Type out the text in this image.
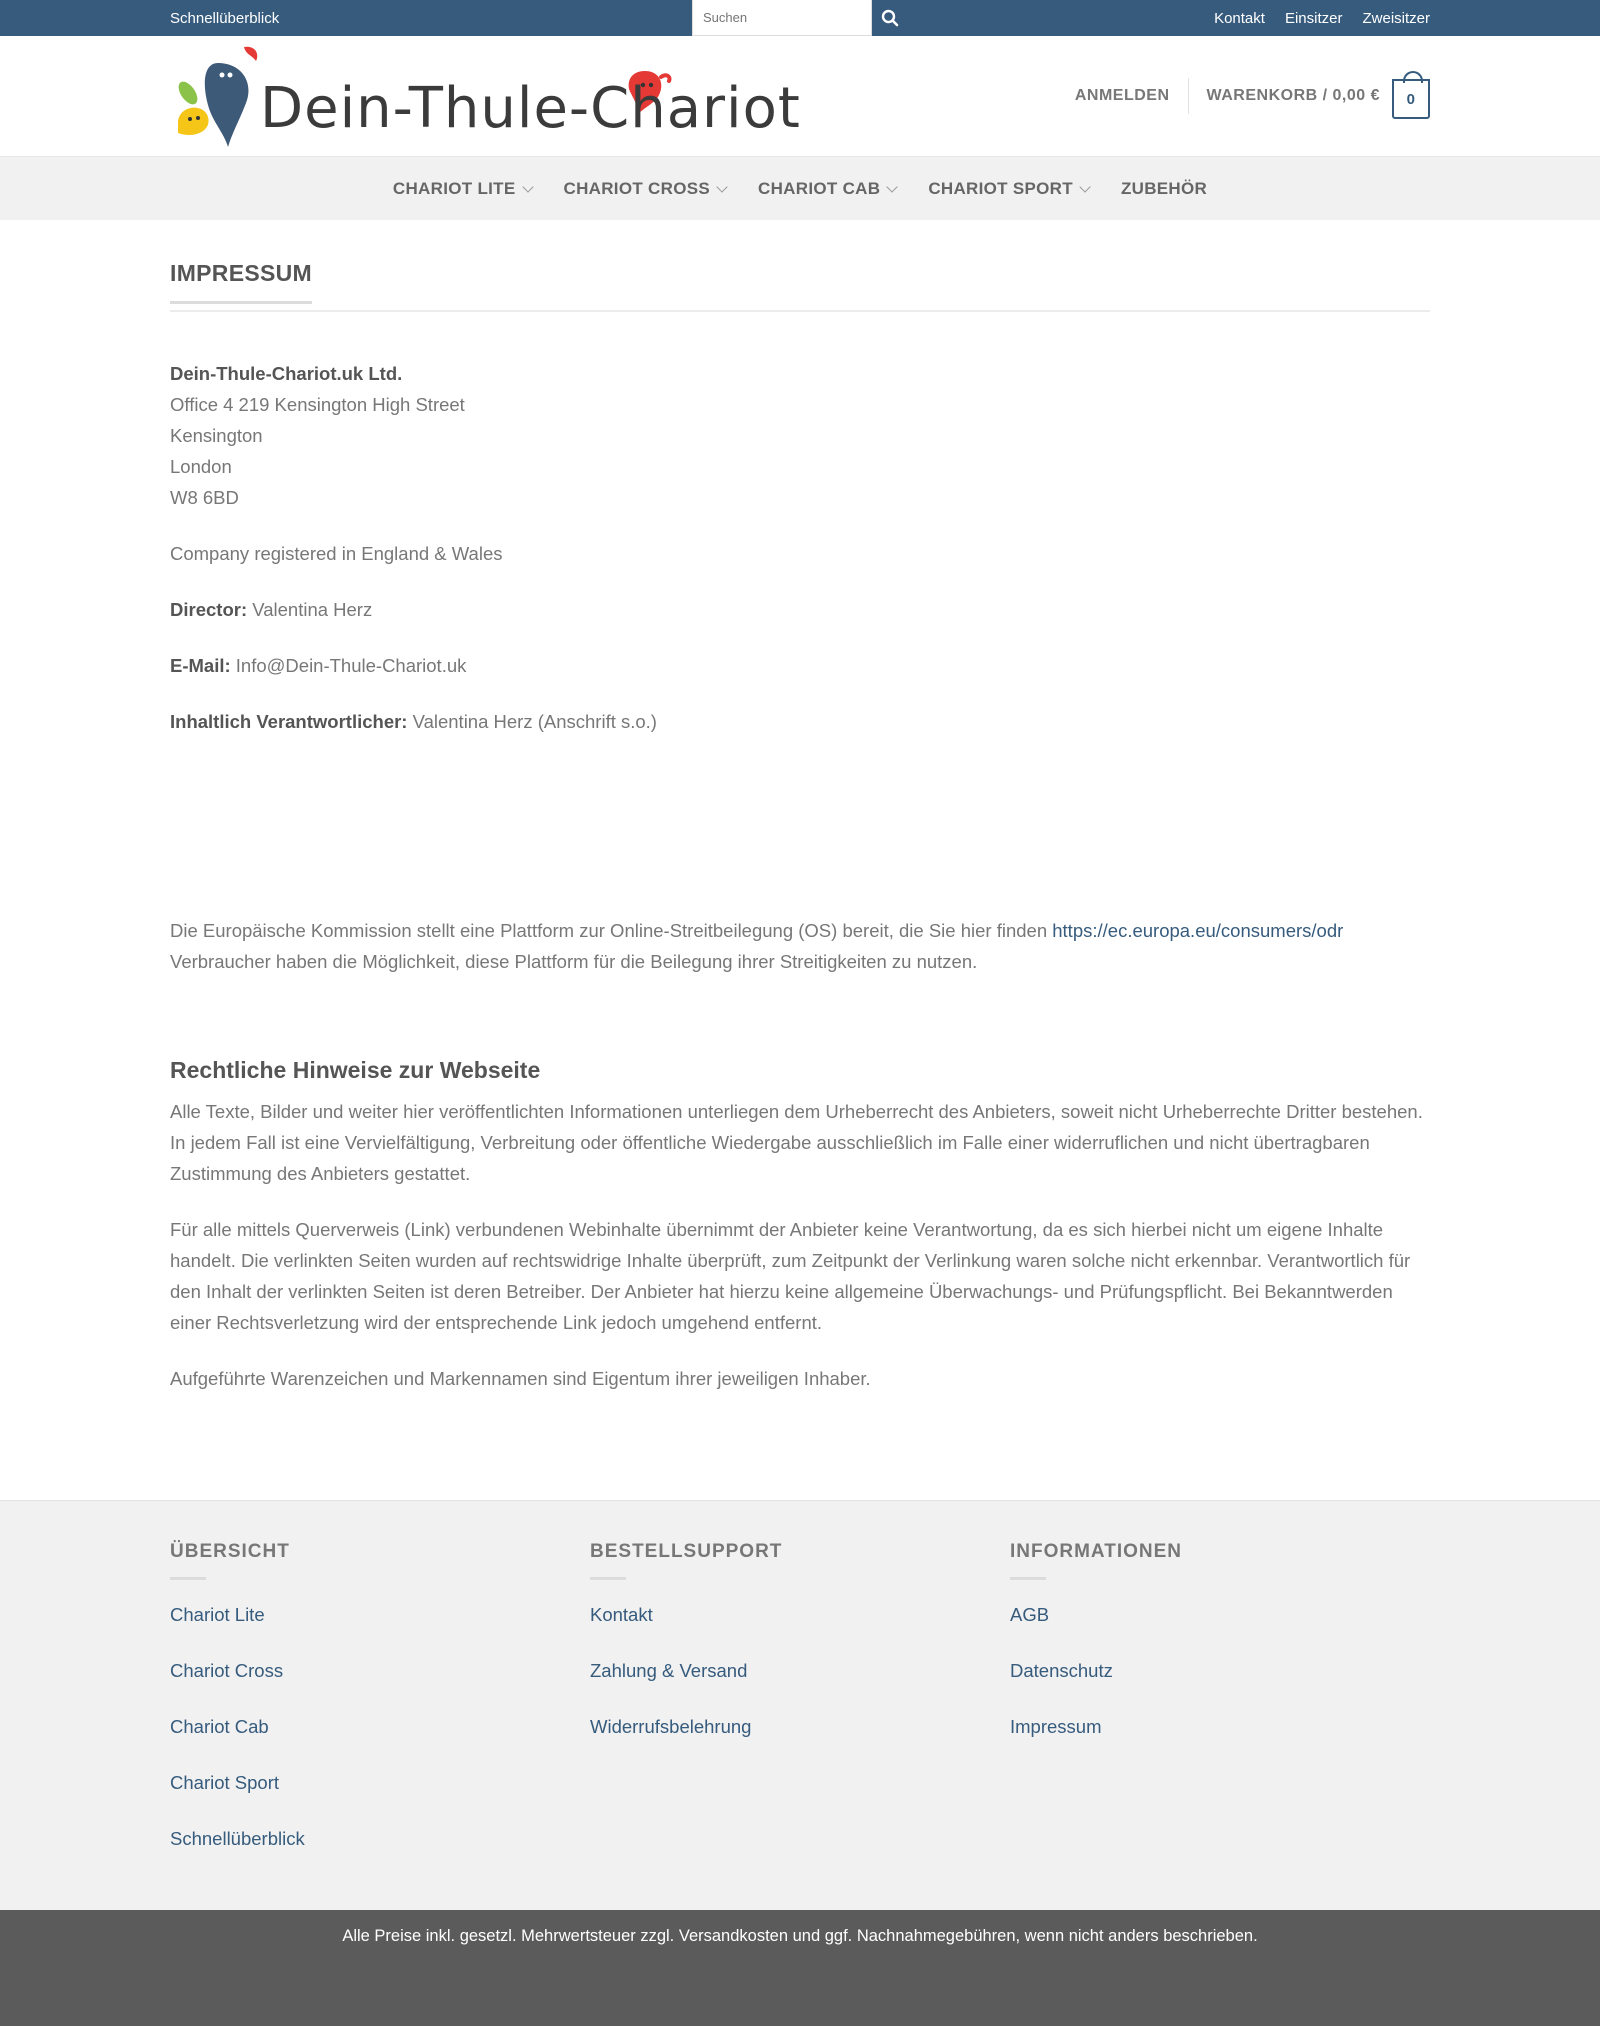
Schnellüberblick
Suchen	Kontakt Einsitzer Zweisitzer
Dein-Thule-Chariot	ANMELDEN	WARENKORB / 0,00 € 0
CHARIOT LITE	CHARIOT CROSS	CHARIOT CAB	CHARIOT SPORT	ZUBEHÖR
IMPRESSUM
Dein-Thule-Chariot.uk Ltd.
Office 4 219 Kensington High Street
Kensington
London
W8 6BD

Company registered in England & Wales

Director: Valentina Herz

E-Mail: Info@Dein-Thule-Chariot.uk

Inhaltlich Verantwortlicher: Valentina Herz (Anschrift s.o.)

Die Europäische Kommission stellt eine Plattform zur Online-Streitbeilegung (OS) bereit, die Sie hier finden https://ec.europa.eu/consumers/odr
Verbraucher haben die Möglichkeit, diese Plattform für die Beilegung ihrer Streitigkeiten zu nutzen.

Rechtliche Hinweise zur Webseite

Alle Texte, Bilder und weiter hier veröffentlichten Informationen unterliegen dem Urheberrecht des Anbieters, soweit nicht Urheberrechte Dritter bestehen. In jedem Fall ist eine Vervielfältigung, Verbreitung oder öffentliche Wiedergabe ausschließlich im Falle einer widerruflichen und nicht übertragbaren Zustimmung des Anbieters gestattet.

Für alle mittels Querverweis (Link) verbundenen Webinhalte übernimmt der Anbieter keine Verantwortung, da es sich hierbei nicht um eigene Inhalte handelt. Die verlinkten Seiten wurden auf rechtswidrige Inhalte überprüft, zum Zeitpunkt der Verlinkung waren solche nicht erkennbar. Verantwortlich für den Inhalt der verlinkten Seiten ist deren Betreiber. Der Anbieter hat hierzu keine allgemeine Überwachungs- und Prüfungspflicht. Bei Bekanntwerden einer Rechtsverletzung wird der entsprechende Link jedoch umgehend entfernt.

Aufgeführte Warenzeichen und Markennamen sind Eigentum ihrer jeweiligen Inhaber.

ÜBERSICHT
Chariot Lite
Chariot Cross
Chariot Cab
Chariot Sport
Schnellüberblick
BESTELLSUPPORT
Kontakt
Zahlung & Versand
Widerrufsbelehrung
INFORMATIONEN
AGB
Datenschutz
Impressum
Alle Preise inkl. gesetzl. Mehrwertsteuer zzgl. Versandkosten und ggf. Nachnahmegebühren, wenn nicht anders beschrieben.
